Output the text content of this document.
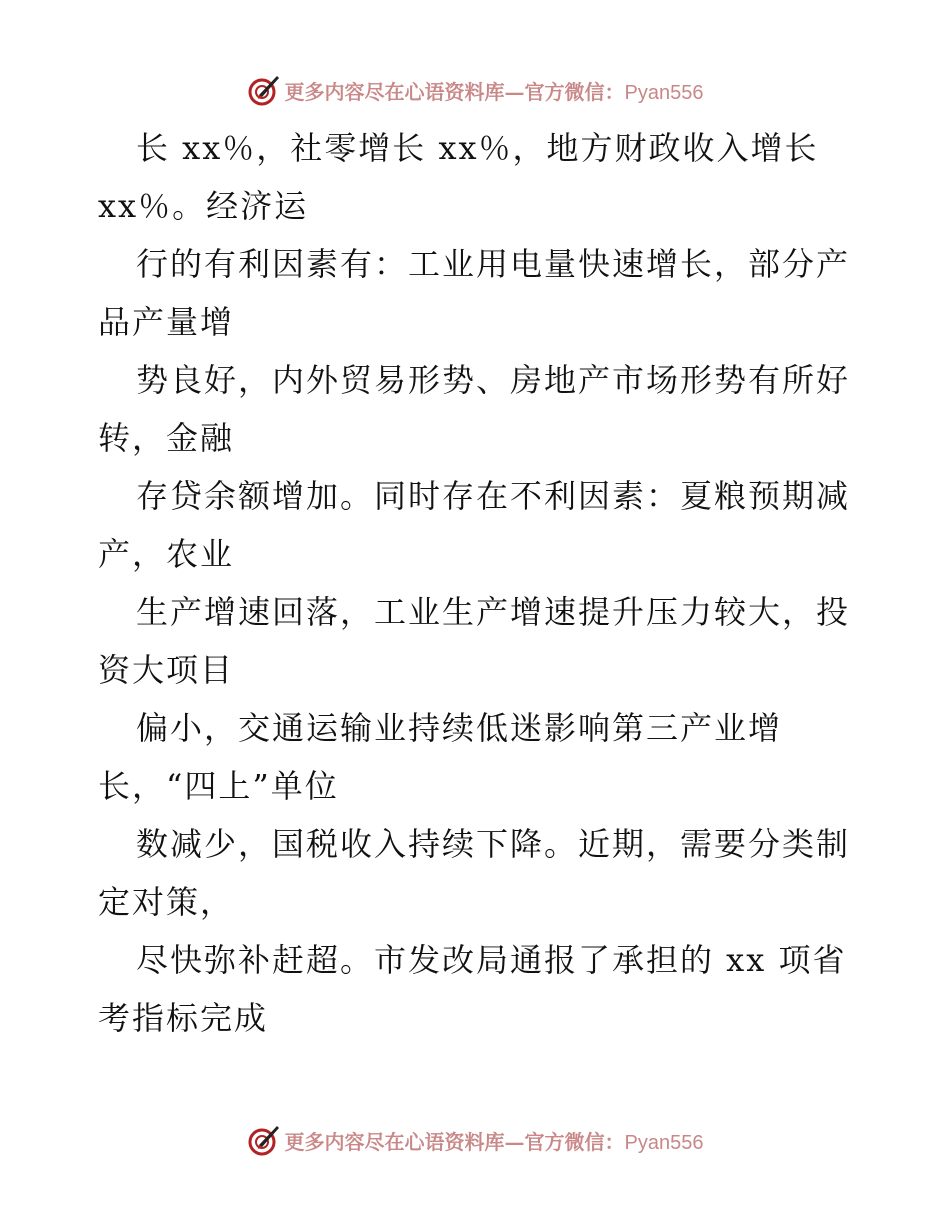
更多内容尽在心语资料库—官方微信：Pyan556
长 xx％，社零增长 xx％，地方财政收入增长
xx％。经济运
行的有利因素有：工业用电量快速增长，部分产
品产量增
势良好，内外贸易形势、房地产市场形势有所好
转，金融
存贷余额增加。同时存在不利因素：夏粮预期减
产，农业
生产增速回落，工业生产增速提升压力较大，投
资大项目
偏小，交通运输业持续低迷影响第三产业增
长，“四上”单位
数减少，国税收入持续下降。近期，需要分类制
定对策，
尽快弥补赶超。市发改局通报了承担的 xx 项省
考指标完成
更多内容尽在心语资料库—官方微信：Pyan556
